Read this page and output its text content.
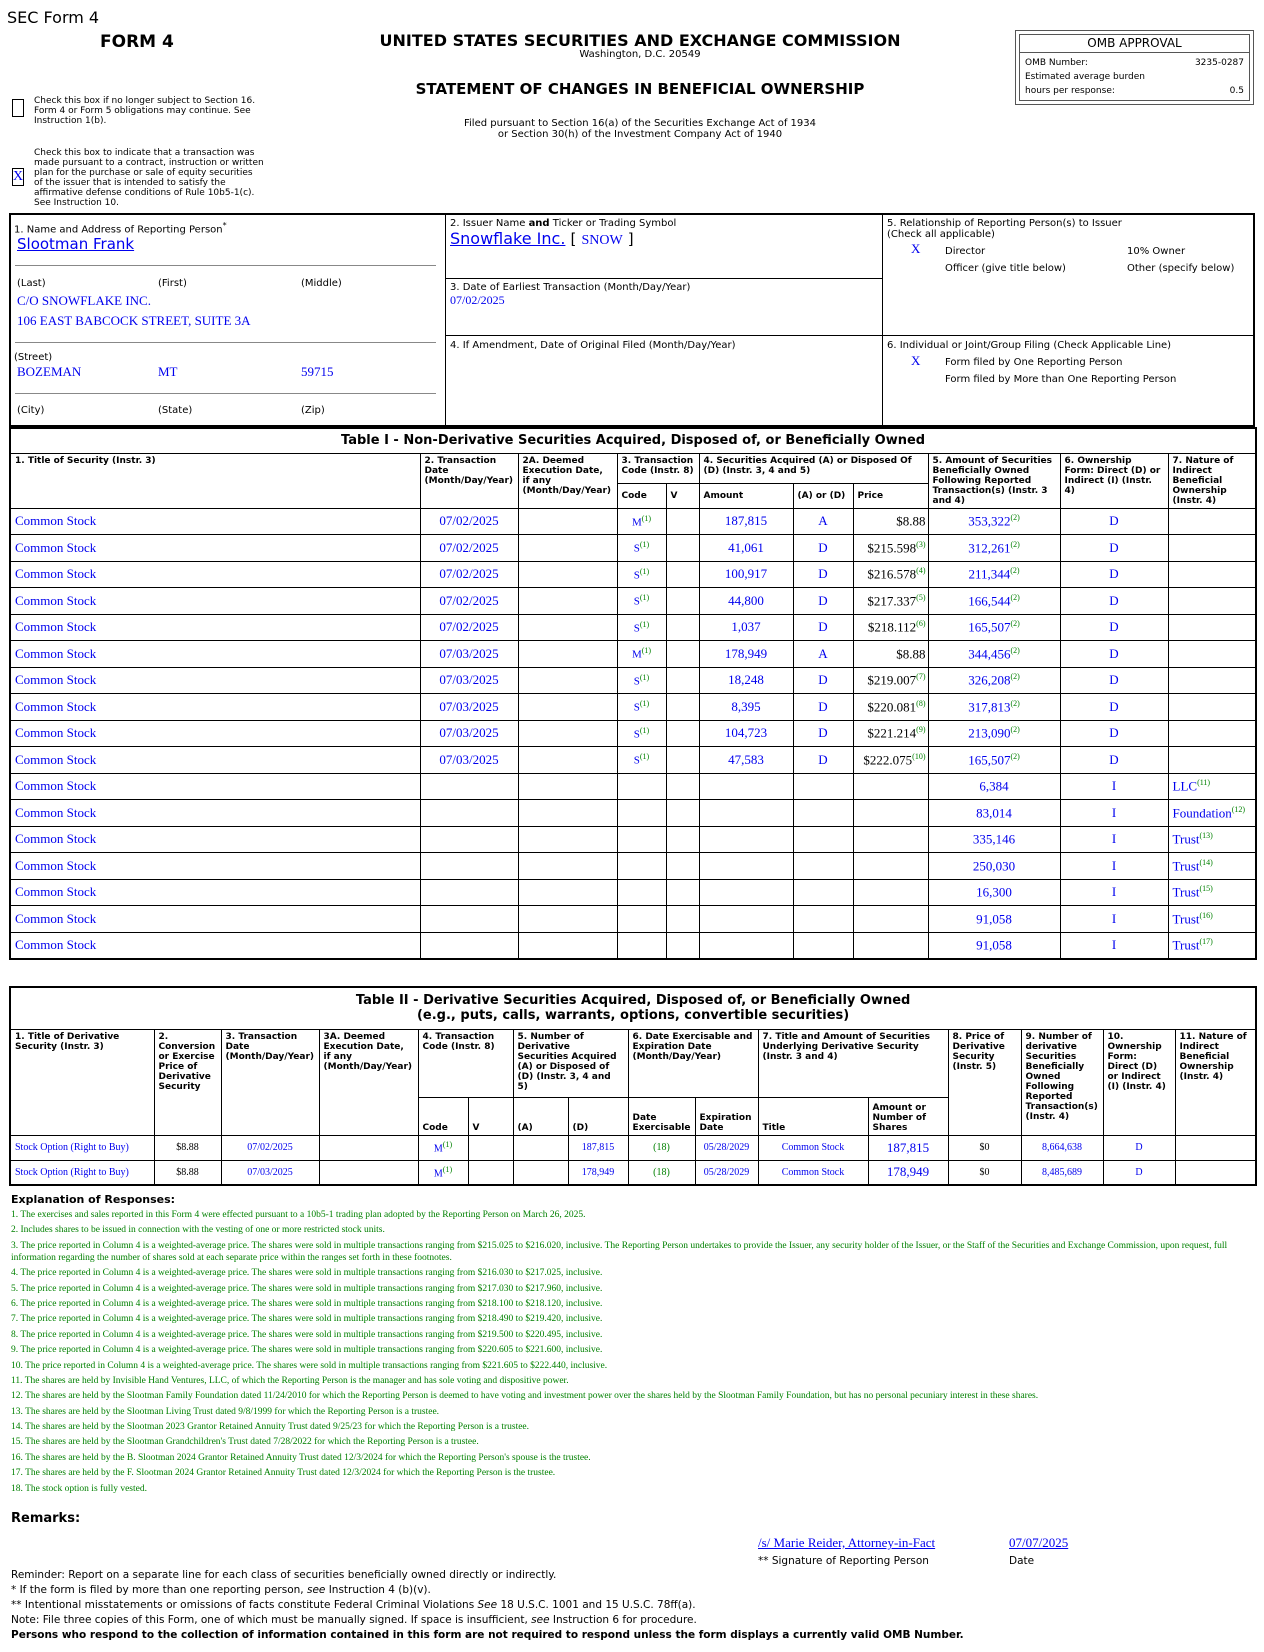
SEC Form 4
FORM 4	UNITED STATES SECURITIES AND EXCHANGE COMMISSION
Washington, D.C. 20549
STATEMENT OF CHANGES IN BENEFICIAL OWNERSHIP
Filed pursuant to Section 16(a) of the Securities Exchange Act of 1934
or Section 30(h) of the Investment Company Act of 1940
Check this box if no longer subject to Section 16. Form 4 or Form 5 obligations may continue. See Instruction 1(b).
X
Check this box to indicate that a transaction was made pursuant to a contract, instruction or written plan for the purchase or sale of equity securities of the issuer that is intended to satisfy the affirmative defense conditions of Rule 10b5-1(c). See Instruction 10.
OMB APPROVAL
OMB Number:	3235-0287
Estimated average burden
hours per response:	0.5
1. Name and Address of Reporting Person*
Slootman Frank
(Last)	(First)	(Middle)
C/O SNOWFLAKE INC.
106 EAST BABCOCK STREET, SUITE 3A
(Street)
BOZEMAN	MT	59715
(City)	(State)	(Zip)
2. Issuer Name and Ticker or Trading Symbol
Snowflake Inc. [ SNOW ]
3. Date of Earliest Transaction (Month/Day/Year)
07/02/2025
4. If Amendment, Date of Original Filed (Month/Day/Year)
5. Relationship of Reporting Person(s) to Issuer
(Check all applicable)
X Director	10% Owner
Officer (give title below)	Other (specify below)
6. Individual or Joint/Group Filing (Check Applicable Line)
X Form filed by One Reporting Person
Form filed by More than One Reporting Person
Table I - Non-Derivative Securities Acquired, Disposed of, or Beneficially Owned										
1. Title of Security (Instr. 3)	2. Transaction Date (Month/Day/Year)	2A. Deemed Execution Date, if any (Month/Day/Year)	3. Transaction Code (Instr. 8)		4. Securities Acquired (A) or Disposed Of (D) (Instr. 3, 4 and 5)			5. Amount of Securities Beneficially Owned Following Reported Transaction(s) (Instr. 3 and 4)	6. Ownership Form: Direct (D) or Indirect (I) (Instr. 4)	7. Nature of Indirect Beneficial Ownership (Instr. 4)
			Code	V	Amount	(A) or (D)	Price			
Common Stock	07/02/2025		$M^{(1)}$		187,815	A	$8.88	353,322$^{(2)}$	D	
Common Stock	07/02/2025		$S^{(1)}$		41,061	D	$215.598$^{(3)}$	312,261$^{(2)}$	D	
Common Stock	07/02/2025		$S^{(1)}$		100,917	D	$216.578$^{(4)}$	211,344$^{(2)}$	D	
Common Stock	07/02/2025		$S^{(1)}$		44,800	D	$217.337$^{(5)}$	166,544$^{(2)}$	D	
Common Stock	07/02/2025		$S^{(1)}$		1,037	D	$218.112$^{(6)}$	165,507$^{(2)}$	D	
Common Stock	07/03/2025		$M^{(1)}$		178,949	A	$8.88	344,456$^{(2)}$	D	
Common Stock	07/03/2025		$S^{(1)}$		18,248	D	$219.007$^{(7)}$	326,208$^{(2)}$	D	
Common Stock	07/03/2025		$S^{(1)}$		8,395	D	$220.081$^{(8)}$	317,813$^{(2)}$	D	
Common Stock	07/03/2025		$S^{(1)}$		104,723	D	$221.214$^{(9)}$	213,090$^{(2)}$	D	
Common Stock	07/03/2025		$S^{(1)}$		47,583	D	$222.075$^{(10)}$	165,507$^{(2)}$	D	
Common Stock								6,384	I	LLC$^{(11)}$
Common Stock								83,014	I	Foundation$^{(12)}$
Common Stock								335,146	I	Trust$^{(13)}$
Common Stock								250,030	I	Trust$^{(14)}$
Common Stock								16,300	I	Trust$^{(15)}$
Common Stock								91,058	I	Trust$^{(16)}$
Common Stock								91,058	I	Trust$^{(17)}$
Table II - Derivative Securities Acquired, Disposed of, or Beneficially Owned
(e.g., puts, calls, warrants, options, convertible securities)															

1. Title of Derivative Security (Instr. 3)	2. Conversion or Exercise Price of Derivative Security	3. Transaction Date (Month/Day/Year)	3A. Deemed Execution Date, if any (Month/Day/Year)	4. Transaction Code (Instr. 8)		5. Number of Derivative Securities Acquired (A) or Disposed of (D) (Instr. 3, 4 and 5)		6. Date Exercisable and Expiration Date (Month/Day/Year)		7. Title and Amount of Securities Underlying Derivative Security (Instr. 3 and 4)		8. Price of Derivative Security (Instr. 5)	9. Number of derivative Securities Beneficially Owned Following Reported Transaction(s) (Instr. 4)	10. Ownership Form: Direct (D) or Indirect (I) (Instr. 4)	11. Nature of Indirect Beneficial Ownership (Instr. 4)
				Code	V	(A)	(D)	Date Exercisable	Expiration Date	Title	Amount or Number of Shares				
Stock Option (Right to Buy)	$8.88	07/02/2025		$M^{(1)}$			187,815	(18)	05/28/2029	Common Stock	187,815	$0	8,664,638	D	
Stock Option (Right to Buy)	$8.88	07/03/2025		$M^{(1)}$			178,949	(18)	05/28/2029	Common Stock	178,949	$0	8,485,689	D	
Explanation of Responses:
1. The exercises and sales reported in this Form 4 were effected pursuant to a 10b5-1 trading plan adopted by the Reporting Person on March 26, 2025.
2. Includes shares to be issued in connection with the vesting of one or more restricted stock units.
3. The price reported in Column 4 is a weighted-average price. The shares were sold in multiple transactions ranging from $215.025 to $216.020, inclusive. The Reporting Person undertakes to provide the Issuer, any security holder of the Issuer, or the Staff of the Securities and Exchange Commission, upon request, full information regarding the number of shares sold at each separate price within the ranges set forth in these footnotes.
4. The price reported in Column 4 is a weighted-average price. The shares were sold in multiple transactions ranging from $216.030 to $217.025, inclusive.
5. The price reported in Column 4 is a weighted-average price. The shares were sold in multiple transactions ranging from $217.030 to $217.960, inclusive.
6. The price reported in Column 4 is a weighted-average price. The shares were sold in multiple transactions ranging from $218.100 to $218.120, inclusive.
7. The price reported in Column 4 is a weighted-average price. The shares were sold in multiple transactions ranging from $218.490 to $219.420, inclusive.
8. The price reported in Column 4 is a weighted-average price. The shares were sold in multiple transactions ranging from $219.500 to $220.495, inclusive.
9. The price reported in Column 4 is a weighted-average price. The shares were sold in multiple transactions ranging from $220.605 to $221.600, inclusive.
10. The price reported in Column 4 is a weighted-average price. The shares were sold in multiple transactions ranging from $221.605 to $222.440, inclusive.
11. The shares are held by Invisible Hand Ventures, LLC, of which the Reporting Person is the manager and has sole voting and dispositive power.
12. The shares are held by the Slootman Family Foundation dated 11/24/2010 for which the Reporting Person is deemed to have voting and investment power over the shares held by the Slootman Family Foundation, but has no personal pecuniary interest in these shares.
13. The shares are held by the Slootman Living Trust dated 9/8/1999 for which the Reporting Person is a trustee.
14. The shares are held by the Slootman 2023 Grantor Retained Annuity Trust dated 9/25/23 for which the Reporting Person is a trustee.
15. The shares are held by the Slootman Grandchildren's Trust dated 7/28/2022 for which the Reporting Person is a trustee.
16. The shares are held by the B. Slootman 2024 Grantor Retained Annuity Trust dated 12/3/2024 for which the Reporting Person's spouse is the trustee.
17. The shares are held by the F. Slootman 2024 Grantor Retained Annuity Trust dated 12/3/2024 for which the Reporting Person is the trustee.
18. The stock option is fully vested.
Remarks:
/s/ Marie Reider, Attorney-in-Fact
** Signature of Reporting Person
07/07/2025
Date
Reminder: Report on a separate line for each class of securities beneficially owned directly or indirectly.
* If the form is filed by more than one reporting person, see Instruction 4 (b)(v).
** Intentional misstatements or omissions of facts constitute Federal Criminal Violations See 18 U.S.C. 1001 and 15 U.S.C. 78ff(a).
Note: File three copies of this Form, one of which must be manually signed. If space is insufficient, see Instruction 6 for procedure.
Persons who respond to the collection of information contained in this form are not required to respond unless the form displays a currently valid OMB Number.
